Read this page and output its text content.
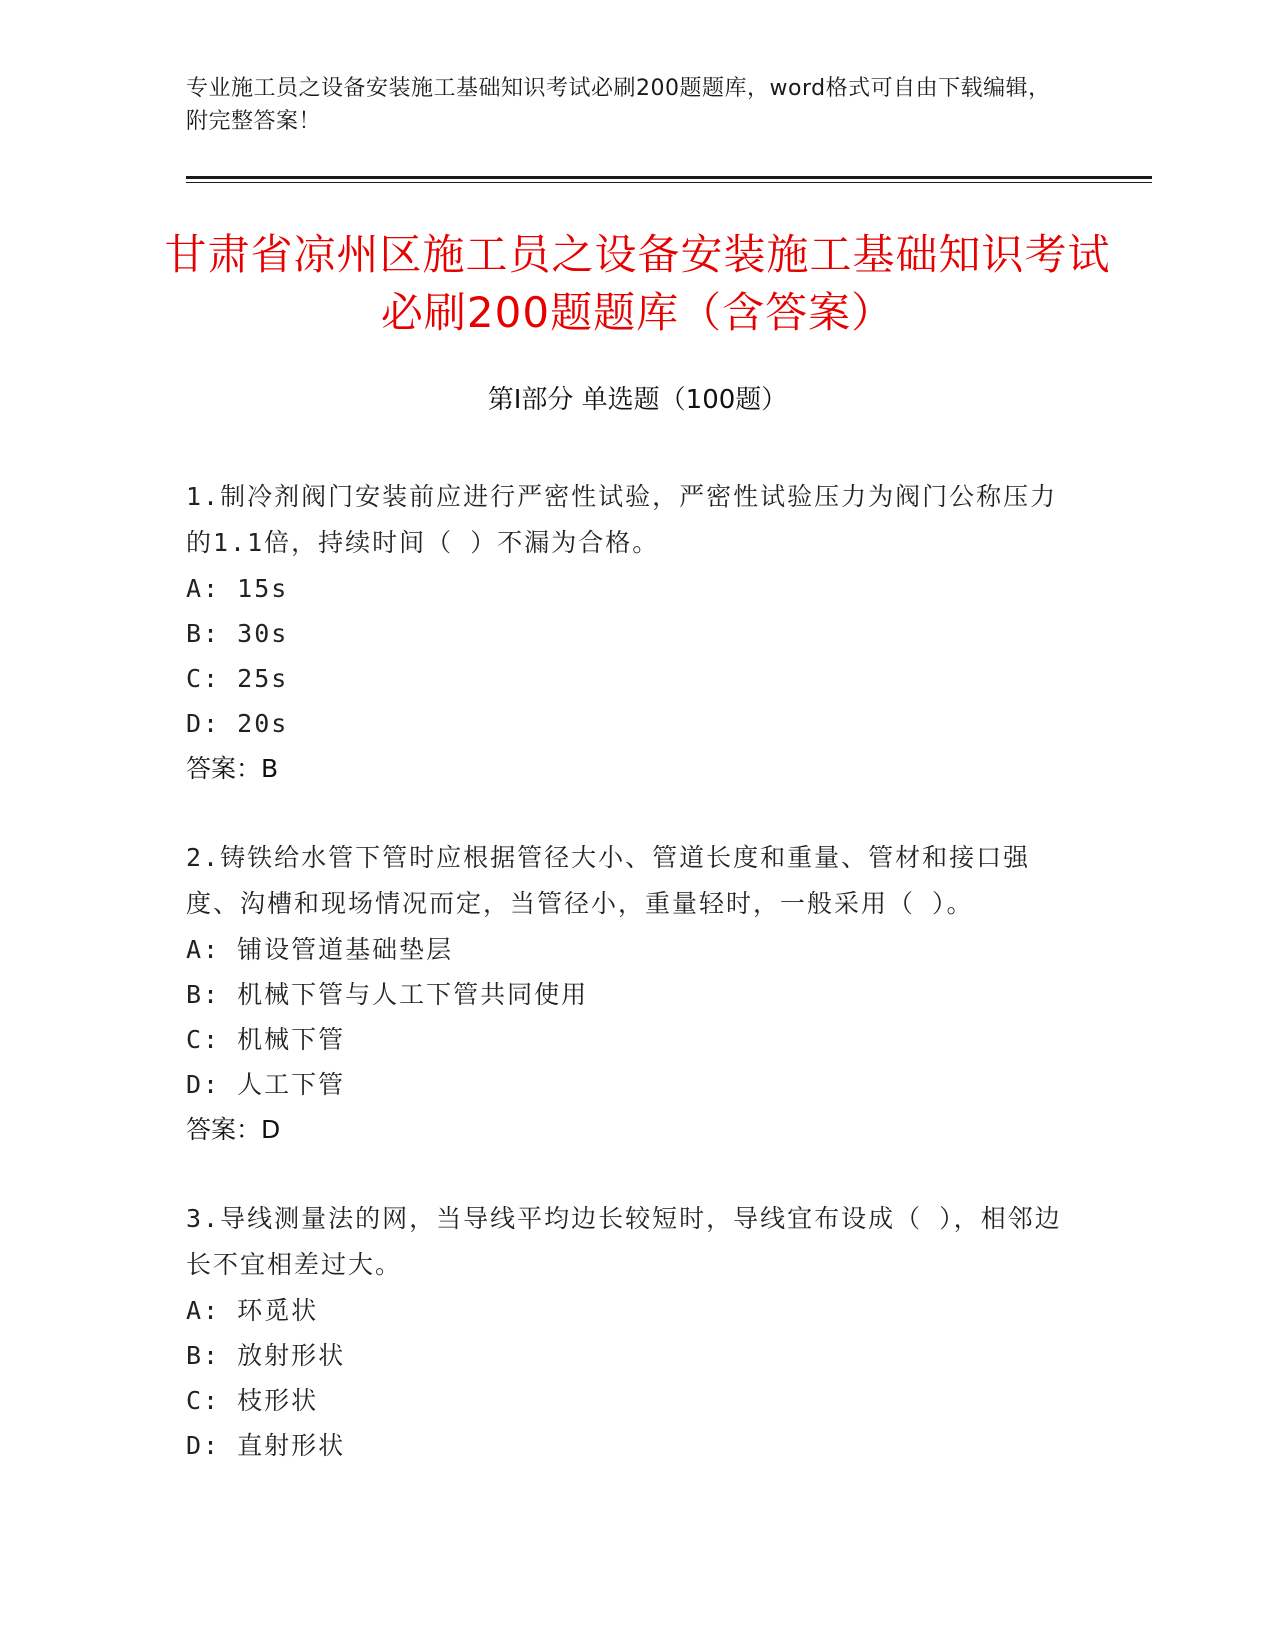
专业施工员之设备安装施工基础知识考试必刷200题题库，word格式可自由下载编辑，附完整答案！
甘肃省凉州区施工员之设备安装施工基础知识考试必刷200题题库（含答案）
第Ⅰ部分 单选题（100题）
1.制冷剂阀门安装前应进行严密性试验，严密性试验压力为阀门公称压力的1.1倍，持续时间（ ）不漏为合格。
A: 15s
B: 30s
C: 25s
D: 20s
答案：B
2.铸铁给水管下管时应根据管径大小、管道长度和重量、管材和接口强度、沟槽和现场情况而定，当管径小，重量轻时，一般采用（ ）。
A: 铺设管道基础垫层
B: 机械下管与人工下管共同使用
C: 机械下管
D: 人工下管
答案：D
3.导线测量法的网，当导线平均边长较短时，导线宜布设成（ ），相邻边长不宜相差过大。
A: 环觅状
B: 放射形状
C: 枝形状
D: 直射形状
